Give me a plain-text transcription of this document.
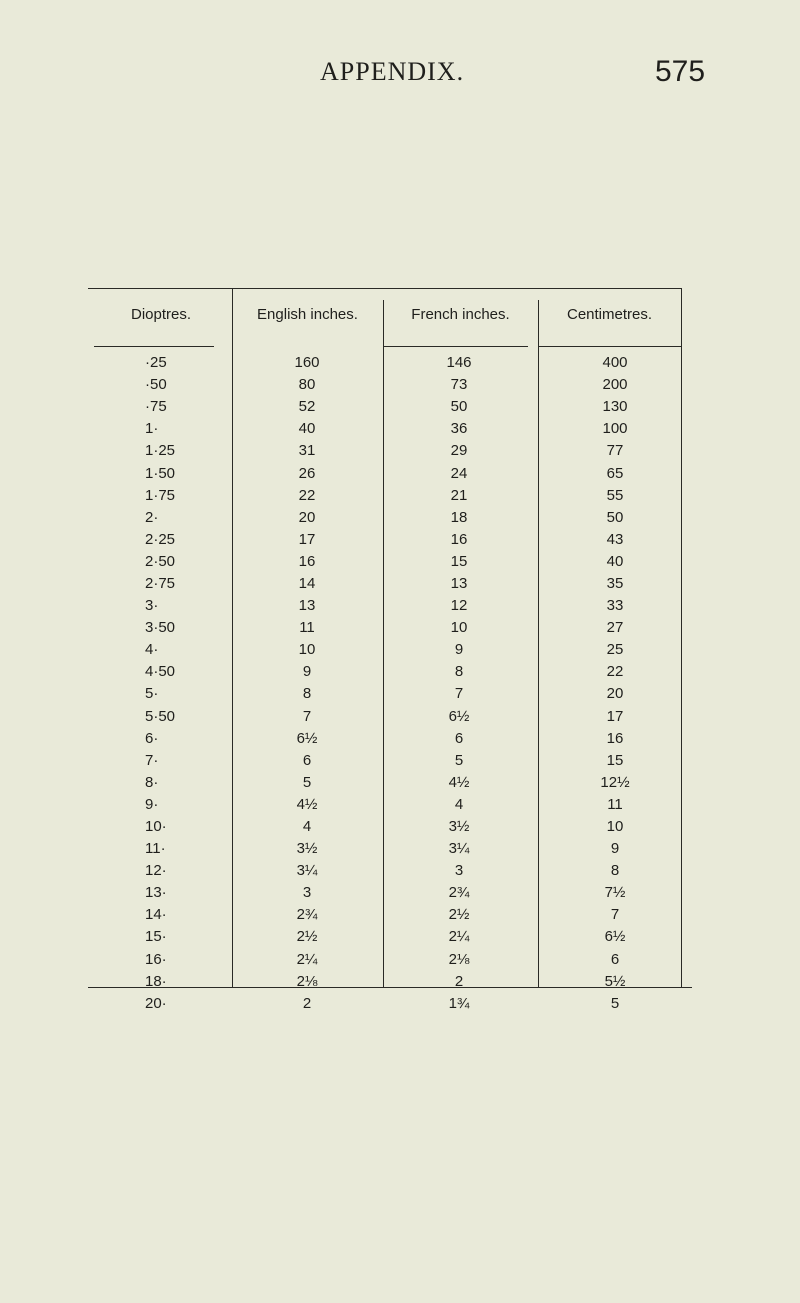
APPENDIX.	575
Dioptres.	English inches.	French inches.	Centimetres.
·25	160	146	400
·50	80	73	200
·75	52	50	130
1·	40	36	100
1·25	31	29	77
1·50	26	24	65
1·75	22	21	55
2·	20	18	50
2·25	17	16	43
2·50	16	15	40
2·75	14	13	35
3·	13	12	33
3·50	11	10	27
4·	10	9	25
4·50	9	8	22
5·	8	7	20
5·50	7	6½	17
6·	6½	6	16
7·	6	5	15
8·	5	4½	12½
9·	4½	4	11
10·	4	3½	10
11·	3½	3¼	9
12·	3¼	3	8
13·	3	2¾	7½
14·	2¾	2½	7
15·	2½	2¼	6½
16·	2¼	2⅛	6
18·	2⅛	2	5½
20·	2	1¾	5
